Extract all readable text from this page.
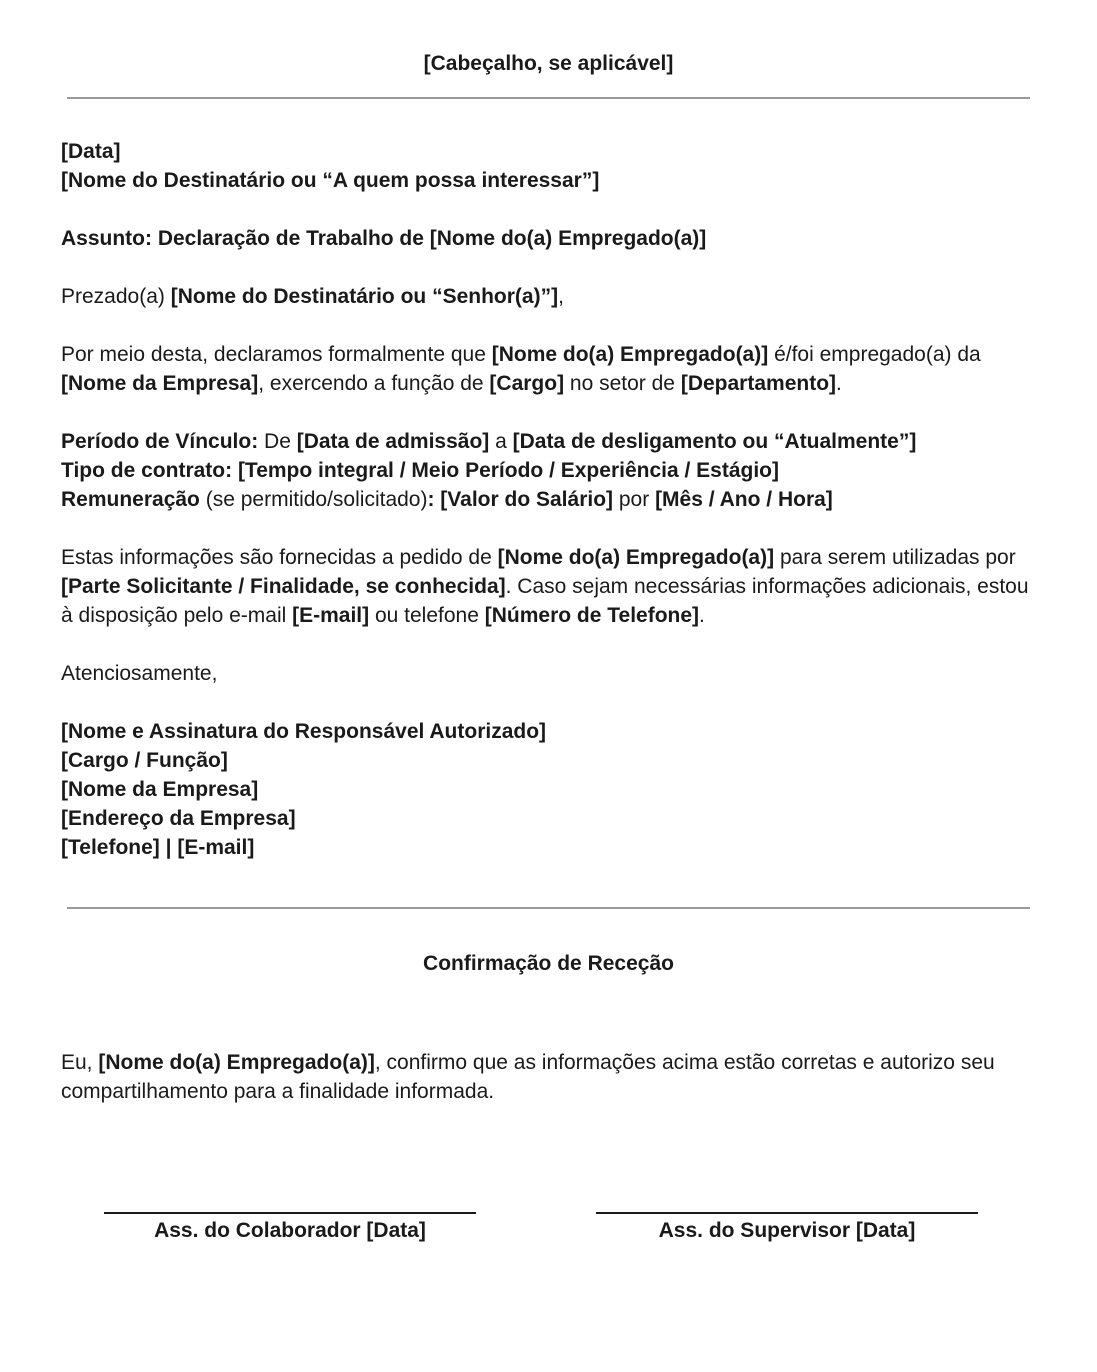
[Cabeçalho, se aplicável]

[Data]

[Nome do Destinatário ou “A quem possa interessar”]

Assunto: Declaração de Trabalho de [Nome do(a) Empregado(a)]

Prezado(a) [Nome do Destinatário ou “Senhor(a)”],

Por meio desta, declaramos formalmente que [Nome do(a) Empregado(a)] é/foi empregado(a) da
[Nome da Empresa], exercendo a função de [Cargo] no setor de [Departamento].

Período de Vínculo: De [Data de admissão] a [Data de desligamento ou “Atualmente”]

Tipo de contrato: [Tempo integral / Meio Período / Experiência / Estágio]

Remuneração (se permitido/solicitado): [Valor do Salário] por [Mês / Ano / Hora]

Estas informações são fornecidas a pedido de [Nome do(a) Empregado(a)] para serem utilizadas por [Parte Solicitante / Finalidade, se conhecida]. Caso sejam necessárias informações adicionais, estou à disposição pelo e-mail [E-mail] ou telefone [Número de Telefone].

Atenciosamente,

[Nome e Assinatura do Responsável Autorizado]

[Cargo / Função]

[Nome da Empresa]

[Endereço da Empresa]

[Telefone] | [E-mail]

Confirmação de Receção

Eu, [Nome do(a) Empregado(a)], confirmo que as informações acima estão corretas e autorizo seu compartilhamento para a finalidade informada.

Ass. do Colaborador [Data]	Ass. do Supervisor [Data]
